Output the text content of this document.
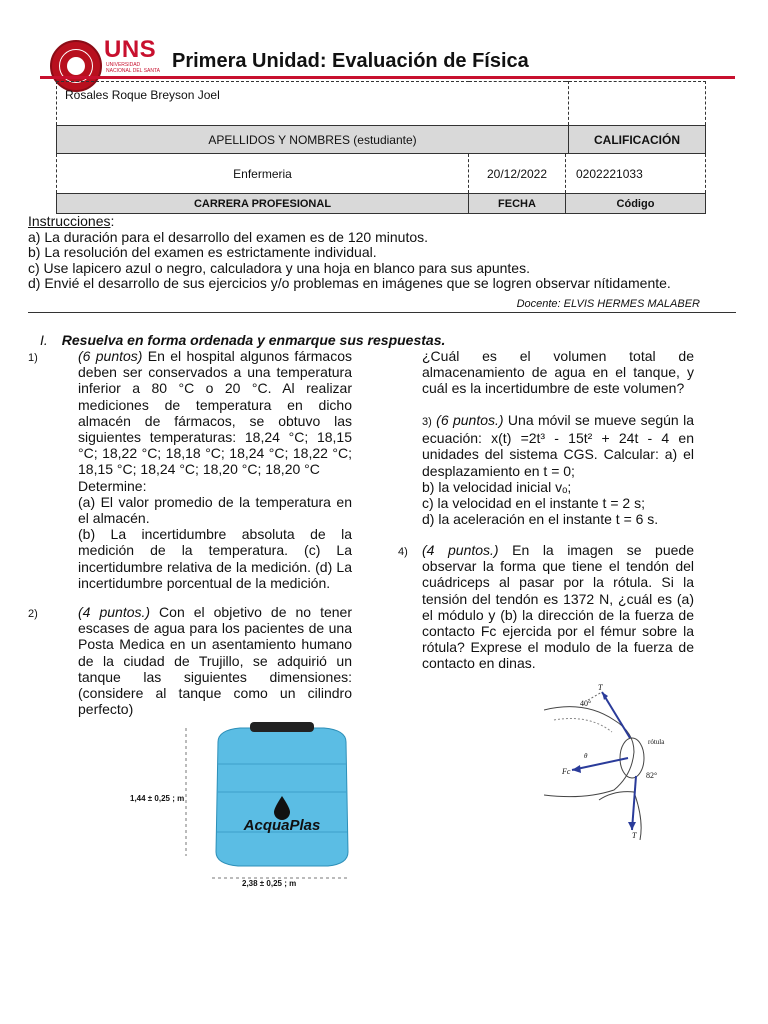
UNS
UNIVERSIDAD NACIONAL DEL SANTA Primera Unidad: Evaluación de Física
Rosales Roque Breyson Joel			
APELLIDOS Y NOMBRES (estudiante)			CALIFICACIÓN
Enfermeria	20/12/2022	0202221033	
CARRERA PROFESIONAL	FECHA	Código	
Instrucciones:
a) La duración para el desarrollo del examen es de 120 minutos.
b) La resolución del examen es estrictamente individual.
c) Use lapicero azul o negro, calculadora y una hoja en blanco para sus apuntes.
d) Envié el desarrollo de sus ejercicios y/o problemas en imágenes que se logren observar nítidamente.
Docente: ELVIS HERMES MALABER
I. Resuelva en forma ordenada y enmarque sus respuestas.
1)	(6 puntos) En el hospital algunos fármacos deben ser conservados a una temperatura inferior a 80 °C o 20 °C. Al realizar mediciones de temperatura en dicho almacén de fármacos, se obtuvo las siguientes temperaturas: 18,24 °C; 18,15 °C; 18,22 °C; 18,18 °C; 18,24 °C; 18,22 °C; 18,15 °C; 18,24 °C; 18,20 °C; 18,20 °C
Determine:
(a) El valor promedio de la temperatura en el almacén.
(b) La incertidumbre absoluta de la medición de la temperatura. (c) La incertidumbre relativa de la medición. (d) La incertidumbre porcentual de la medición.
2)	(4 puntos.) Con el objetivo de no tener escases de agua para los pacientes de una Posta Medica en un asentamiento humano de la ciudad de Trujillo, se adquirió un tanque las siguientes dimensiones: (considere al tanque como un cilindro perfecto)
AcquaPlas
1,44 ± 0,25 ; m
2,38 ± 0,25 ; m
¿Cuál es el volumen total de almacenamiento de agua en el tanque, y cuál es la incertidumbre de este volumen?
3) (6 puntos.) Una móvil se mueve según la ecuación: x(t) =2t³ - 15t² + 24t - 4 en unidades del sistema CGS. Calcular: a) el desplazamiento en t = 0;
b) la velocidad inicial vₒ;
c) la velocidad en el instante t = 2 s;
d) la aceleración en el instante t = 6 s.
4) (4 puntos.) En la imagen se puede observar la forma que tiene el tendón del cuádriceps al pasar por la rótula. Si la tensión del tendón es 1372 N, ¿cuál es (a) el módulo y (b) la dirección de la fuerza de contacto Fc ejercida por el fémur sobre la rótula? Exprese el modulo de la fuerza de contacto en dinas.
40°
82°
rótula
T
T
Fc
θ
